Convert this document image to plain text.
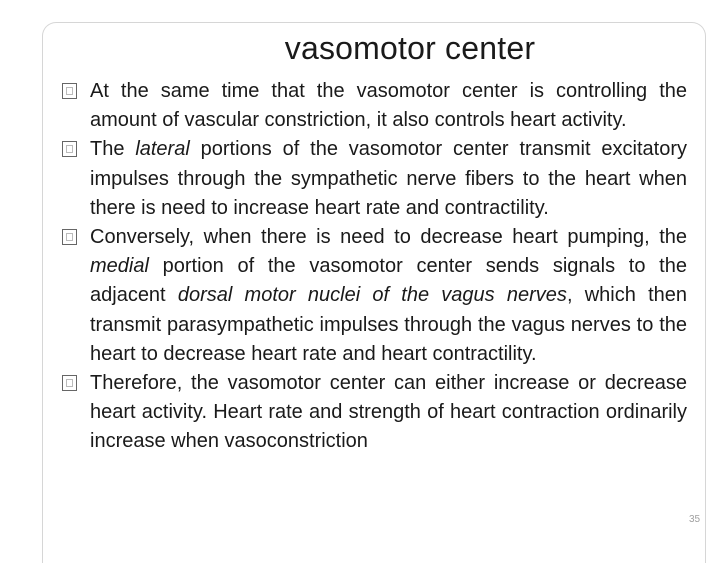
vasomotor center

At the same time that the vasomotor center is controlling the amount of vascular constriction, it also controls heart activity.

The lateral portions of the vasomotor center transmit excitatory impulses through the sympathetic nerve fibers to the heart when there is need to increase heart rate and contractility.

Conversely, when there is need to decrease heart pumping, the medial portion of the vasomotor center sends signals to the adjacent dorsal motor nuclei of the vagus nerves, which then transmit parasympathetic impulses through the vagus nerves to the heart to decrease heart rate and heart contractility.

Therefore, the vasomotor center can either increase or decrease heart activity. Heart rate and strength of heart contraction ordinarily increase when vasoconstriction

35
